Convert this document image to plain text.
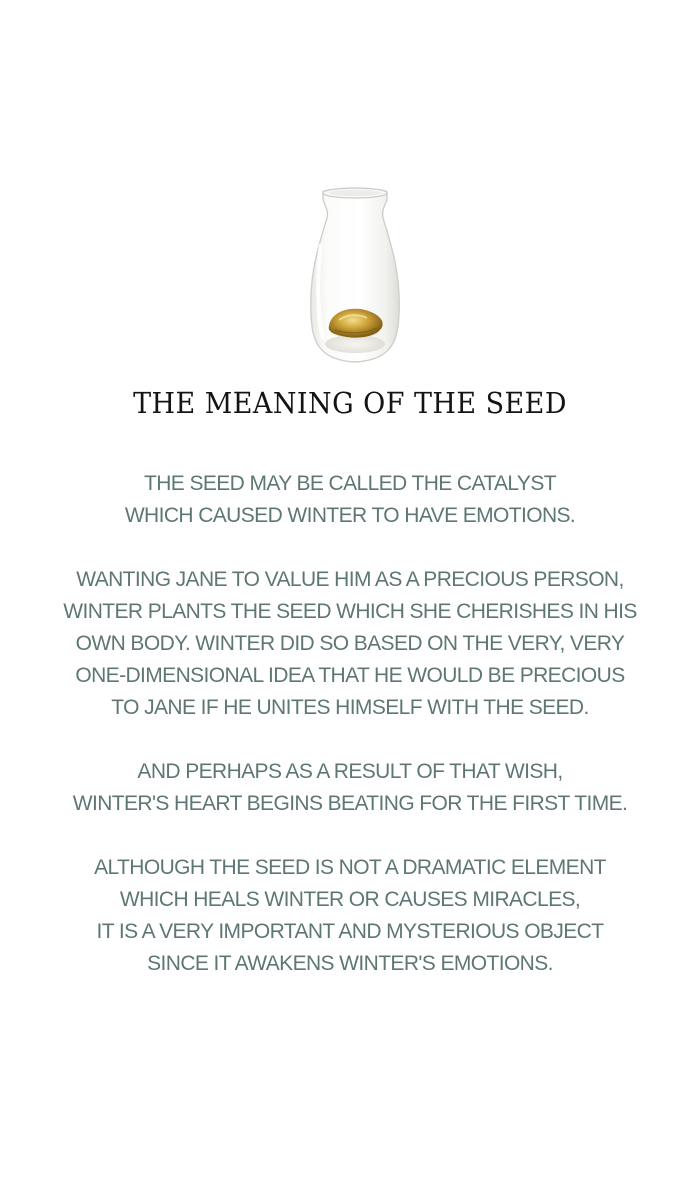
THE MEANING OF THE SEED

THE SEED MAY BE CALLED THE CATALYST
WHICH CAUSED WINTER TO HAVE EMOTIONS.

WANTING JANE TO VALUE HIM AS A PRECIOUS PERSON,
WINTER PLANTS THE SEED WHICH SHE CHERISHES IN HIS
OWN BODY. WINTER DID SO BASED ON THE VERY, VERY
ONE-DIMENSIONAL IDEA THAT HE WOULD BE PRECIOUS
TO JANE IF HE UNITES HIMSELF WITH THE SEED.

AND PERHAPS AS A RESULT OF THAT WISH,
WINTER'S HEART BEGINS BEATING FOR THE FIRST TIME.

ALTHOUGH THE SEED IS NOT A DRAMATIC ELEMENT
WHICH HEALS WINTER OR CAUSES MIRACLES,
IT IS A VERY IMPORTANT AND MYSTERIOUS OBJECT
SINCE IT AWAKENS WINTER'S EMOTIONS.
